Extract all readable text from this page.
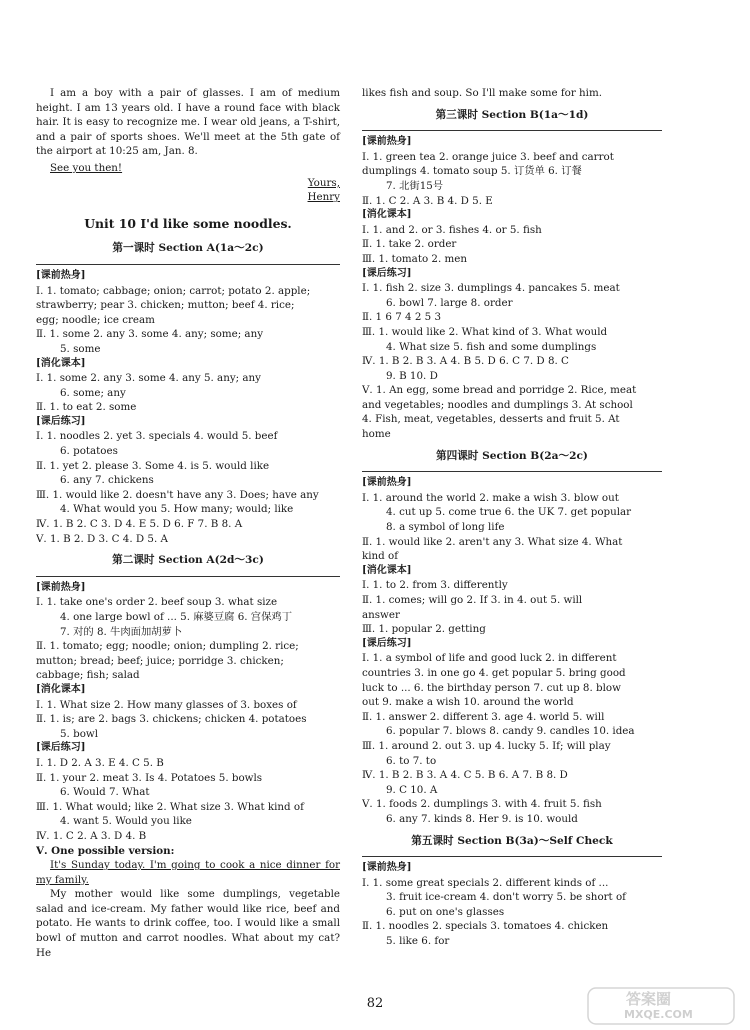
I am a boy with a pair of glasses. I am of medium height. I am 13 years old. I have a round face with black hair. It is easy to recognize me. I wear old jeans, a T-shirt, and a pair of sports shoes. We'll meet at the 5th gate of the airport at 10:25 am, Jan. 8.
See you then!
Yours,
Henry
Unit 10 I'd like some noodles.
第一课时 Section A(1a～2c)
[课前热身]
Ⅰ. 1. tomato; cabbage; onion; carrot; potato 2. apple;
strawberry; pear 3. chicken; mutton; beef 4. rice;
egg; noodle; ice cream
Ⅱ. 1. some 2. any 3. some 4. any; some; any
5. some
[消化课本]
Ⅰ. 1. some 2. any 3. some 4. any 5. any; any
6. some; any
Ⅱ. 1. to eat 2. some
[课后练习]
Ⅰ. 1. noodles 2. yet 3. specials 4. would 5. beef
6. potatoes
Ⅱ. 1. yet 2. please 3. Some 4. is 5. would like
6. any 7. chickens
Ⅲ. 1. would like 2. doesn't have any 3. Does; have any
4. What would you 5. How many; would; like
Ⅳ. 1. B 2. C 3. D 4. E 5. D 6. F 7. B 8. A
Ⅴ. 1. B 2. D 3. C 4. D 5. A
第二课时 Section A(2d～3c)
[课前热身]
Ⅰ. 1. take one's order 2. beef soup 3. what size
4. one large bowl of ... 5. 麻婆豆腐 6. 宫保鸡丁
7. 对的 8. 牛肉面加胡萝卜
Ⅱ. 1. tomato; egg; noodle; onion; dumpling 2. rice;
mutton; bread; beef; juice; porridge 3. chicken;
cabbage; fish; salad
[消化课本]
Ⅰ. 1. What size 2. How many glasses of 3. boxes of
Ⅱ. 1. is; are 2. bags 3. chickens; chicken 4. potatoes
5. bowl
[课后练习]
Ⅰ. 1. D 2. A 3. E 4. C 5. B
Ⅱ. 1. your 2. meat 3. Is 4. Potatoes 5. bowls
6. Would 7. What
Ⅲ. 1. What would; like 2. What size 3. What kind of
4. want 5. Would you like
Ⅳ. 1. C 2. A 3. D 4. B
Ⅴ. One possible version:
It's Sunday today. I'm going to cook a nice dinner for my family.
My mother would like some dumplings, vegetable salad and ice-cream. My father would like rice, beef and potato. He wants to drink coffee, too. I would like a small bowl of mutton and carrot noodles. What about my cat? He
likes fish and soup. So I'll make some for him.
第三课时 Section B(1a～1d)
[课前热身]
Ⅰ. 1. green tea 2. orange juice 3. beef and carrot
dumplings 4. tomato soup 5. 订货单 6. 订餐
7. 北街15号
Ⅱ. 1. C 2. A 3. B 4. D 5. E
[消化课本]
Ⅰ. 1. and 2. or 3. fishes 4. or 5. fish
Ⅱ. 1. take 2. order
Ⅲ. 1. tomato 2. men
[课后练习]
Ⅰ. 1. fish 2. size 3. dumplings 4. pancakes 5. meat
6. bowl 7. large 8. order
Ⅱ. 1 6 7 4 2 5 3
Ⅲ. 1. would like 2. What kind of 3. What would
4. What size 5. fish and some dumplings
Ⅳ. 1. B 2. B 3. A 4. B 5. D 6. C 7. D 8. C
9. B 10. D
Ⅴ. 1. An egg, some bread and porridge 2. Rice, meat
and vegetables; noodles and dumplings 3. At school
4. Fish, meat, vegetables, desserts and fruit 5. At
home
第四课时 Section B(2a～2c)
[课前热身]
Ⅰ. 1. around the world 2. make a wish 3. blow out
4. cut up 5. come true 6. the UK 7. get popular
8. a symbol of long life
Ⅱ. 1. would like 2. aren't any 3. What size 4. What
kind of
[消化课本]
Ⅰ. 1. to 2. from 3. differently
Ⅱ. 1. comes; will go 2. If 3. in 4. out 5. will
answer
Ⅲ. 1. popular 2. getting
[课后练习]
Ⅰ. 1. a symbol of life and good luck 2. in different
countries 3. in one go 4. get popular 5. bring good
luck to ... 6. the birthday person 7. cut up 8. blow
out 9. make a wish 10. around the world
Ⅱ. 1. answer 2. different 3. age 4. world 5. will
6. popular 7. blows 8. candy 9. candles 10. idea
Ⅲ. 1. around 2. out 3. up 4. lucky 5. If; will play
6. to 7. to
Ⅳ. 1. B 2. B 3. A 4. C 5. B 6. A 7. B 8. D
9. C 10. A
Ⅴ. 1. foods 2. dumplings 3. with 4. fruit 5. fish
6. any 7. kinds 8. Her 9. is 10. would
第五课时 Section B(3a)～Self Check
[课前热身]
Ⅰ. 1. some great specials 2. different kinds of ...
3. fruit ice-cream 4. don't worry 5. be short of
6. put on one's glasses
Ⅱ. 1. noodles 2. specials 3. tomatoes 4. chicken
5. like 6. for
82	答案圈
MXQE.COM
